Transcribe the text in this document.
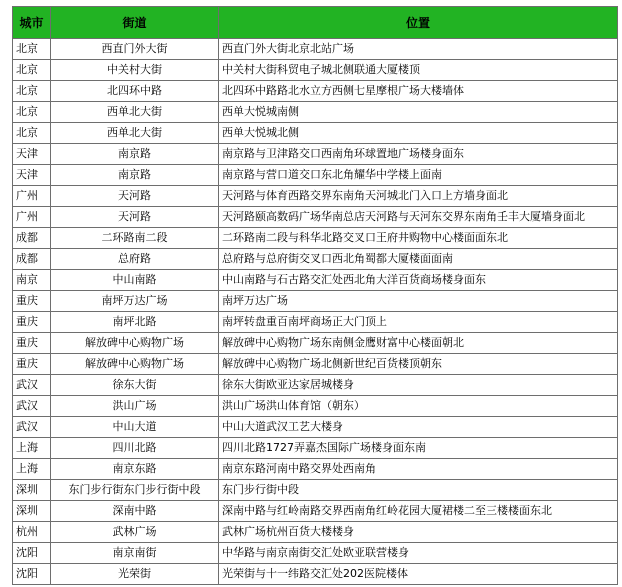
城市	街道	位置
北京	西直门外大街	西直门外大街北京北站广场
北京	中关村大街	中关村大街科贸电子城北侧联通大厦楼顶
北京	北四环中路	北四环中路路北水立方西侧七星摩根广场大楼墙体
北京	西单北大街	西单大悦城南侧
北京	西单北大街	西单大悦城北侧
天津	南京路	南京路与卫津路交口西南角环球置地广场楼身面东
天津	南京路	南京路与营口道交口东北角耀华中学楼上面南
广州	天河路	天河路与体育西路交界东南角天河城北门入口上方墙身面北
广州	天河路	天河路颐高数码广场华南总店天河路与天河东交界东南角壬丰大厦墙身面北
成都	二环路南二段	二环路南二段与科华北路交叉口王府井购物中心楼面面东北
成都	总府路	总府路与总府街交叉口西北角蜀都大厦楼面面南
南京	中山南路	中山南路与石古路交汇处西北角大洋百货商场楼身面东
重庆	南坪万达广场	南坪万达广场
重庆	南坪北路	南坪转盘重百南坪商场正大门顶上
重庆	解放碑中心购物广场	解放碑中心购物广场东南侧金鹰财富中心楼面朝北
重庆	解放碑中心购物广场	解放碑中心购物广场北侧新世纪百货楼顶朝东
武汉	徐东大街	徐东大街欧亚达家居城楼身
武汉	洪山广场	洪山广场洪山体育馆（朝东）
武汉	中山大道	中山大道武汉工艺大楼身
上海	四川北路	四川北路1727弄嘉杰国际广场楼身面东南
上海	南京东路	南京东路河南中路交界处西南角
深圳	东门步行街东门步行街中段	东门步行街中段
深圳	深南中路	深南中路与红岭南路交界西南角红岭花园大厦裙楼二至三楼楼面东北
杭州	武林广场	武林广场杭州百货大楼楼身
沈阳	南京南街	中华路与南京南街交汇处欧亚联营楼身
沈阳	光荣街	光荣街与十一纬路交汇处202医院楼体
